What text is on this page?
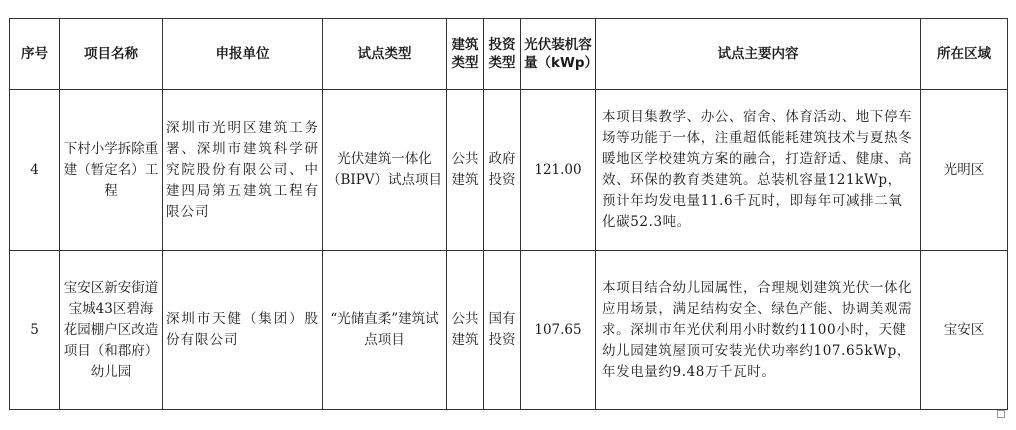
序号	项目名称	申报单位	试点类型	建筑类型	投资类型	光伏装机容量（kWp）	试点主要内容	所在区域
4	下村小学拆除重建（暂定名）工程	深圳市光明区建筑工务署、深圳市建筑科学研究院股份有限公司、中建四局第五建筑工程有限公司	光伏建筑一体化（BIPV）试点项目	公共建筑	政府投资	121.00	本项目集教学、办公、宿舍、体育活动、地下停车场等功能于一体，注重超低能耗建筑技术与夏热冬暖地区学校建筑方案的融合，打造舒适、健康、高效、环保的教育类建筑。总装机容量121kWp，预计年均发电量11.6千瓦时，即每年可减排二氧化碳52.3吨。	光明区
5	宝安区新安街道宝城43区碧海花园棚户区改造项目（和郡府）幼儿园	深圳市天健（集团）股份有限公司	“光储直柔”建筑试点项目	公共建筑	国有投资	107.65	本项目结合幼儿园属性，合理规划建筑光伏一体化应用场景，满足结构安全、绿色产能、协调美观需求。深圳市年光伏利用小时数约1100小时，天健幼儿园建筑屋顶可安装光伏功率约107.65kWp，年发电量约9.48万千瓦时。	宝安区
